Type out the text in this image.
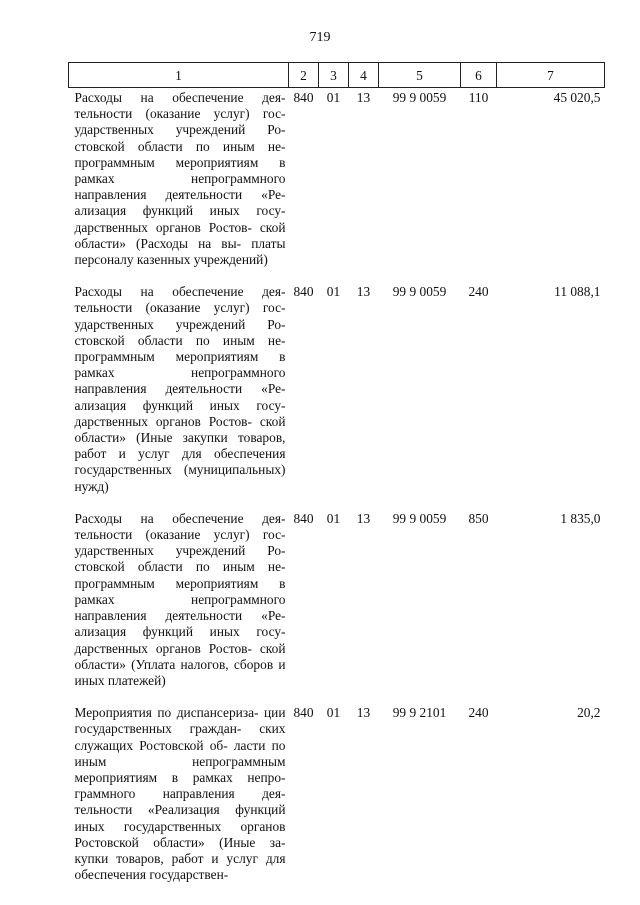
719
1	2	3	4	5	6	7
Расходы на обеспечение дея- тельности (оказание услуг) гос- ударственных учреждений Ро- стовской области по иным не- программным мероприятиям в рамках непрограммного направления деятельности «Ре- ализация функций иных госу- дарственных органов Ростов- ской области» (Расходы на вы- платы персоналу казенных учреждений)	840	01	13	99 9 0059	110	45 020,5

Расходы на обеспечение дея- тельности (оказание услуг) гос- ударственных учреждений Ро- стовской области по иным не- программным мероприятиям в рамках непрограммного направления деятельности «Ре- ализация функций иных госу- дарственных органов Ростов- ской области» (Иные закупки товаров, работ и услуг для обеспечения государственных (муниципальных) нужд)	840	01	13	99 9 0059	240	11 088,1

Расходы на обеспечение дея- тельности (оказание услуг) гос- ударственных учреждений Ро- стовской области по иным не- программным мероприятиям в рамках непрограммного направления деятельности «Ре- ализация функций иных госу- дарственных органов Ростов- ской области» (Уплата налогов, сборов и иных платежей)	840	01	13	99 9 0059	850	1 835,0

Мероприятия по диспансериза- ции государственных граждан- ских служащих Ростовской об- ласти по иным непрограммным мероприятиям в рамках непро- граммного направления дея- тельности «Реализация функций иных государственных органов Ростовской области» (Иные за- купки товаров, работ и услуг для обеспечения государствен-	840	01	13	99 9 2101	240	20,2
